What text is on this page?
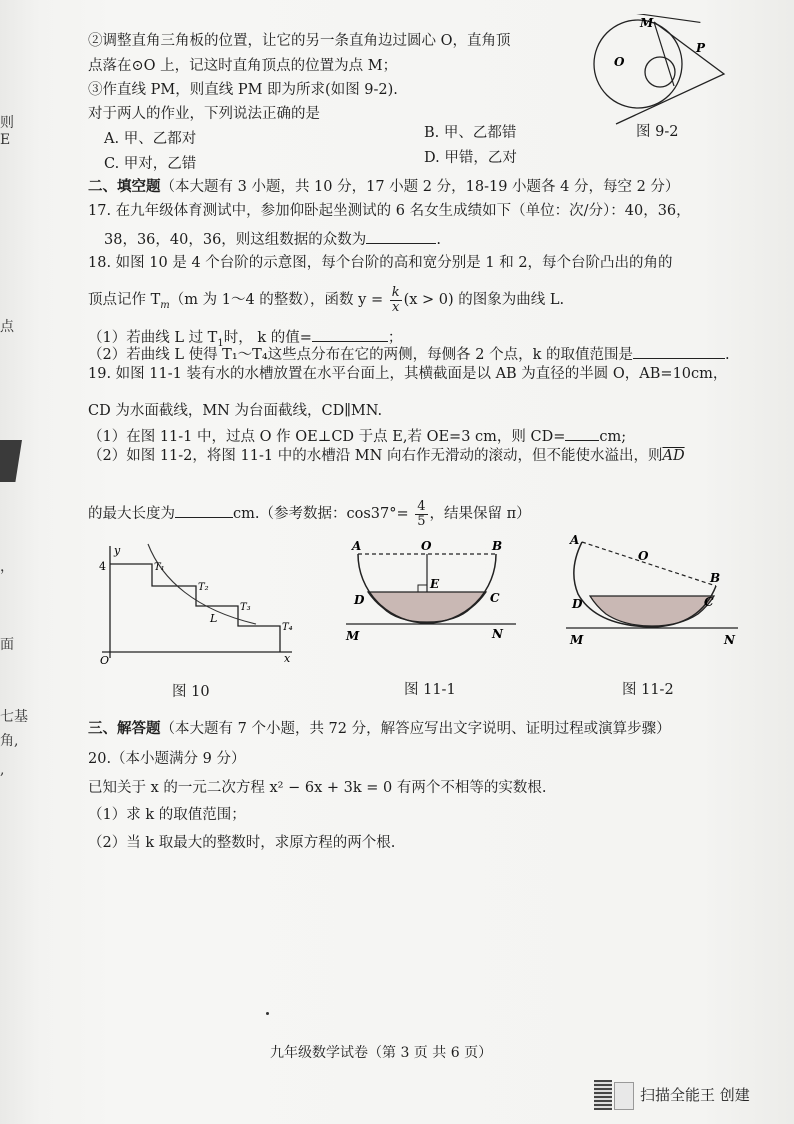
则
E
点
，
面
七基
角,
,
②调整直角三角板的位置，让它的另一条直角边过圆心 O，直角顶
点落在⊙O 上，记这时直角顶点的位置为点 M；
③作直线 PM，则直线 PM 即为所求(如图 9-2).
对于两人的作业，下列说法正确的是
A. 甲、乙都对	B. 甲、乙都错
C. 甲对，乙错	D. 甲错，乙对
M
O
P
图 9-2
二、填空题（本大题有 3 小题，共 10 分，17 小题 2 分，18-19 小题各 4 分，每空 2 分）
17. 在九年级体育测试中，参加仰卧起坐测试的 6 名女生成绩如下（单位：次/分）：40，36，
38，36，40，36，则这组数据的众数为	.
18. 如图 10 是 4 个台阶的示意图，每个台阶的高和宽分别是 1 和 2，每个台阶凸出的角的
顶点记作 $T_m(m$ 为 1～4 的整数），函数 $y = \frac{k}{x} (x > 0)$ 的图象为曲线 L.
（1）若曲线 L 过 $T_1$时， k 的值=	；
（2）若曲线 L 使得 T₁～T₄这些点分布在它的两侧，每侧各 2 个点，k 的取值范围是	.
19. 如图 11-1 装有水的水槽放置在水平台面上，其横截面是以 AB 为直径的半圆 O，AB=10cm，
CD 为水面截线，MN 为台面截线，CD∥MN.
（1）在图 11-1 中，过点 O 作 OE⊥CD 于点 E,若 OE=3 cm，则 CD= cm;
（2）如图 11-2，将图 11-1 中的水槽沿 MN 向右作无滑动的滚动，但不能使水溢出，则$\overline{AD}$
的最大长度为	cm.（参考数据：$\cos 37^\circ= \frac{4}{5}$ ，结果保留 π）
y
4
O	x
T₁
T₂
T₃
T₄
L
图 10
A	O	B
E
D	C
M	N
图 11-1
A
O
B
D	C
M	N
图 11-2
三、解答题（本大题有 7 个小题，共 72 分，解答应写出文字说明、证明过程或演算步骤）
20.（本小题满分 9 分）
已知关于 x 的一元二次方程 x² − 6x + 3k = 0 有两个不相等的实数根.
（1）求 k 的取值范围；
（2）当 k 取最大的整数时，求原方程的两个根.
九年级数学试卷（第 3 页 共 6 页）
扫描全能王 创建
